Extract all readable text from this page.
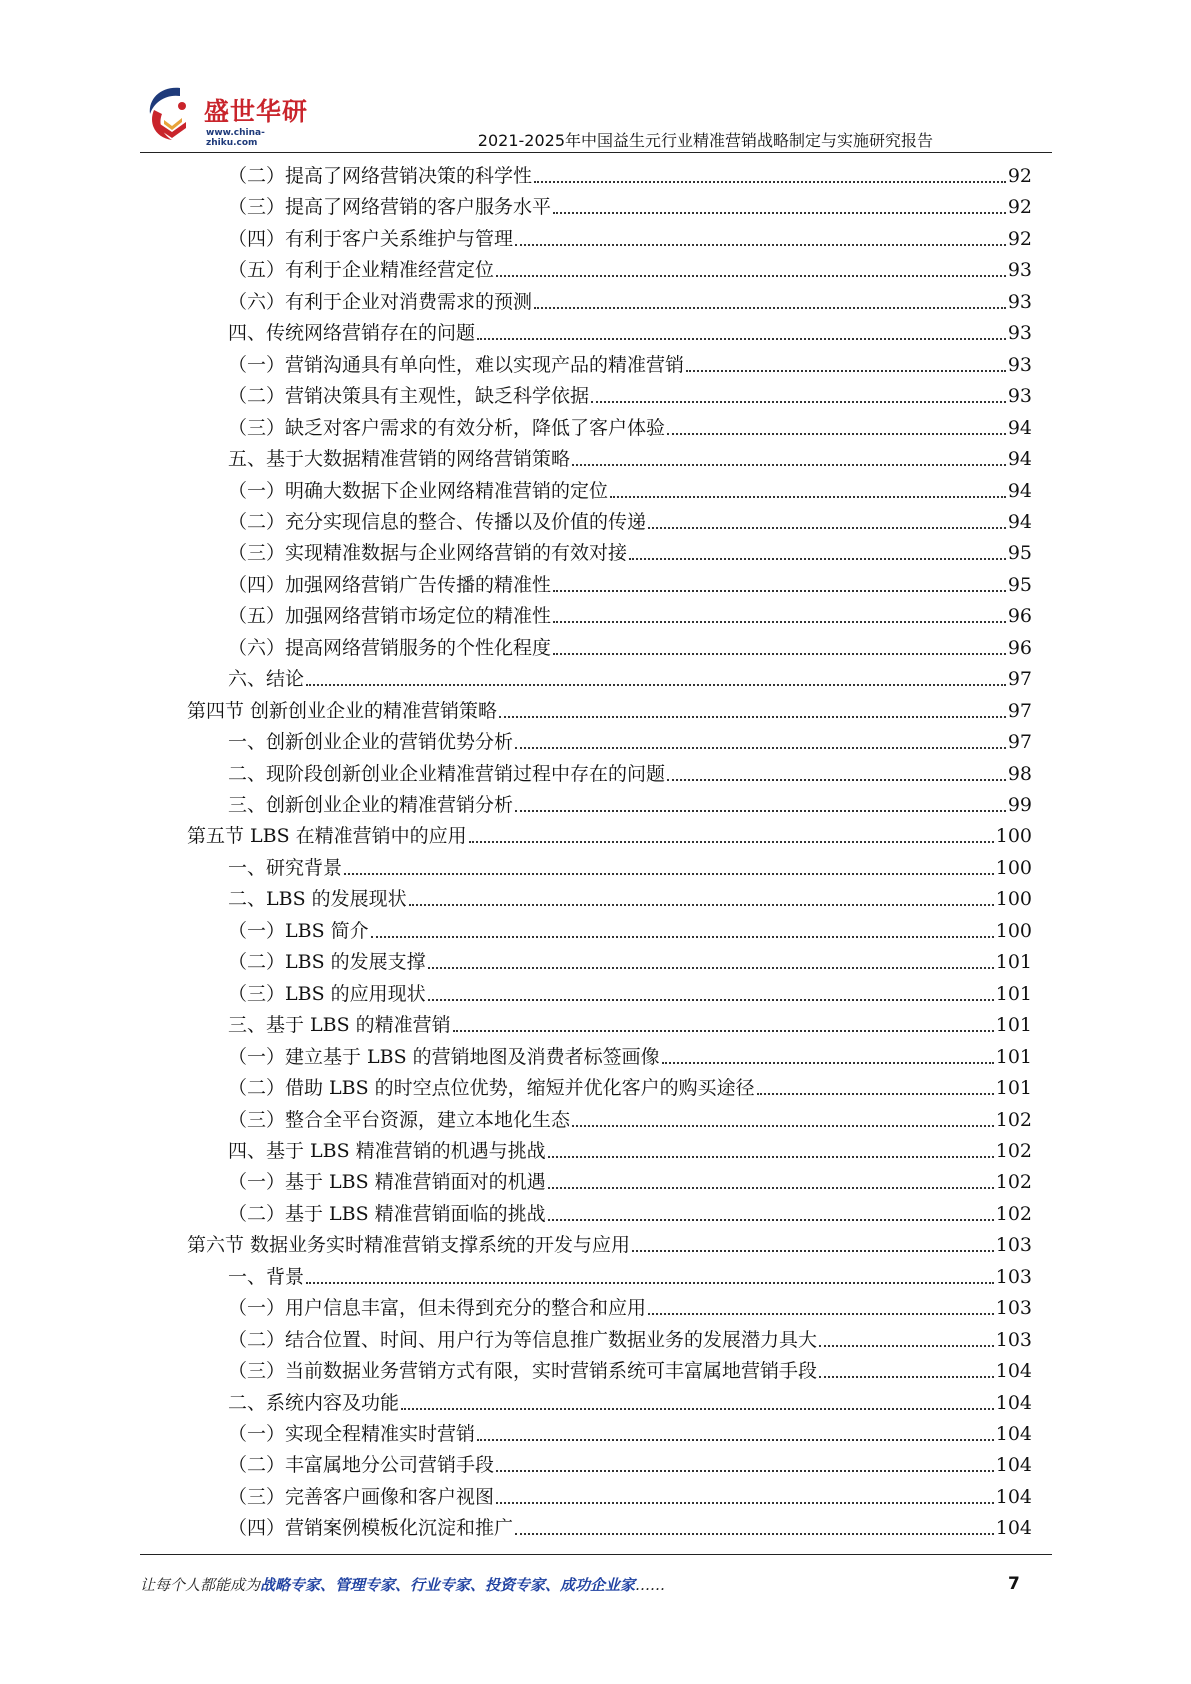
盛世华研
www.china-zhiku.com	2021-2025年中国益生元行业精准营销战略制定与实施研究报告
（二）提高了网络营销决策的科学性	92
（三）提高了网络营销的客户服务水平	92
（四）有利于客户关系维护与管理	92
（五）有利于企业精准经营定位	93
（六）有利于企业对消费需求的预测	93
四、传统网络营销存在的问题	93
（一）营销沟通具有单向性，难以实现产品的精准营销	93
（二）营销决策具有主观性，缺乏科学依据	93
（三）缺乏对客户需求的有效分析，降低了客户体验	94
五、基于大数据精准营销的网络营销策略	94
（一）明确大数据下企业网络精准营销的定位	94
（二）充分实现信息的整合、传播以及价值的传递	94
（三）实现精准数据与企业网络营销的有效对接	95
（四）加强网络营销广告传播的精准性	95
（五）加强网络营销市场定位的精准性	96
（六）提高网络营销服务的个性化程度	96
六、结论	97
第四节 创新创业企业的精准营销策略	97
一、创新创业企业的营销优势分析	97
二、现阶段创新创业企业精准营销过程中存在的问题	98
三、创新创业企业的精准营销分析	99
第五节 LBS 在精准营销中的应用	100
一、研究背景	100
二、LBS 的发展现状	100
（一）LBS 简介	100
（二）LBS 的发展支撑	101
（三）LBS 的应用现状	101
三、基于 LBS 的精准营销	101
（一）建立基于 LBS 的营销地图及消费者标签画像	101
（二）借助 LBS 的时空点位优势，缩短并优化客户的购买途径	101
（三）整合全平台资源，建立本地化生态	102
四、基于 LBS 精准营销的机遇与挑战	102
（一）基于 LBS 精准营销面对的机遇	102
（二）基于 LBS 精准营销面临的挑战	102
第六节 数据业务实时精准营销支撑系统的开发与应用	103
一、背景	103
（一）用户信息丰富，但未得到充分的整合和应用	103
（二）结合位置、时间、用户行为等信息推广数据业务的发展潜力具大	103
（三）当前数据业务营销方式有限，实时营销系统可丰富属地营销手段	104
二、系统内容及功能	104
（一）实现全程精准实时营销	104
（二）丰富属地分公司营销手段	104
（三）完善客户画像和客户视图	104
（四）营销案例模板化沉淀和推广	104
让每个人都能成为战略专家、管理专家、行业专家、投资专家、成功企业家……	7
